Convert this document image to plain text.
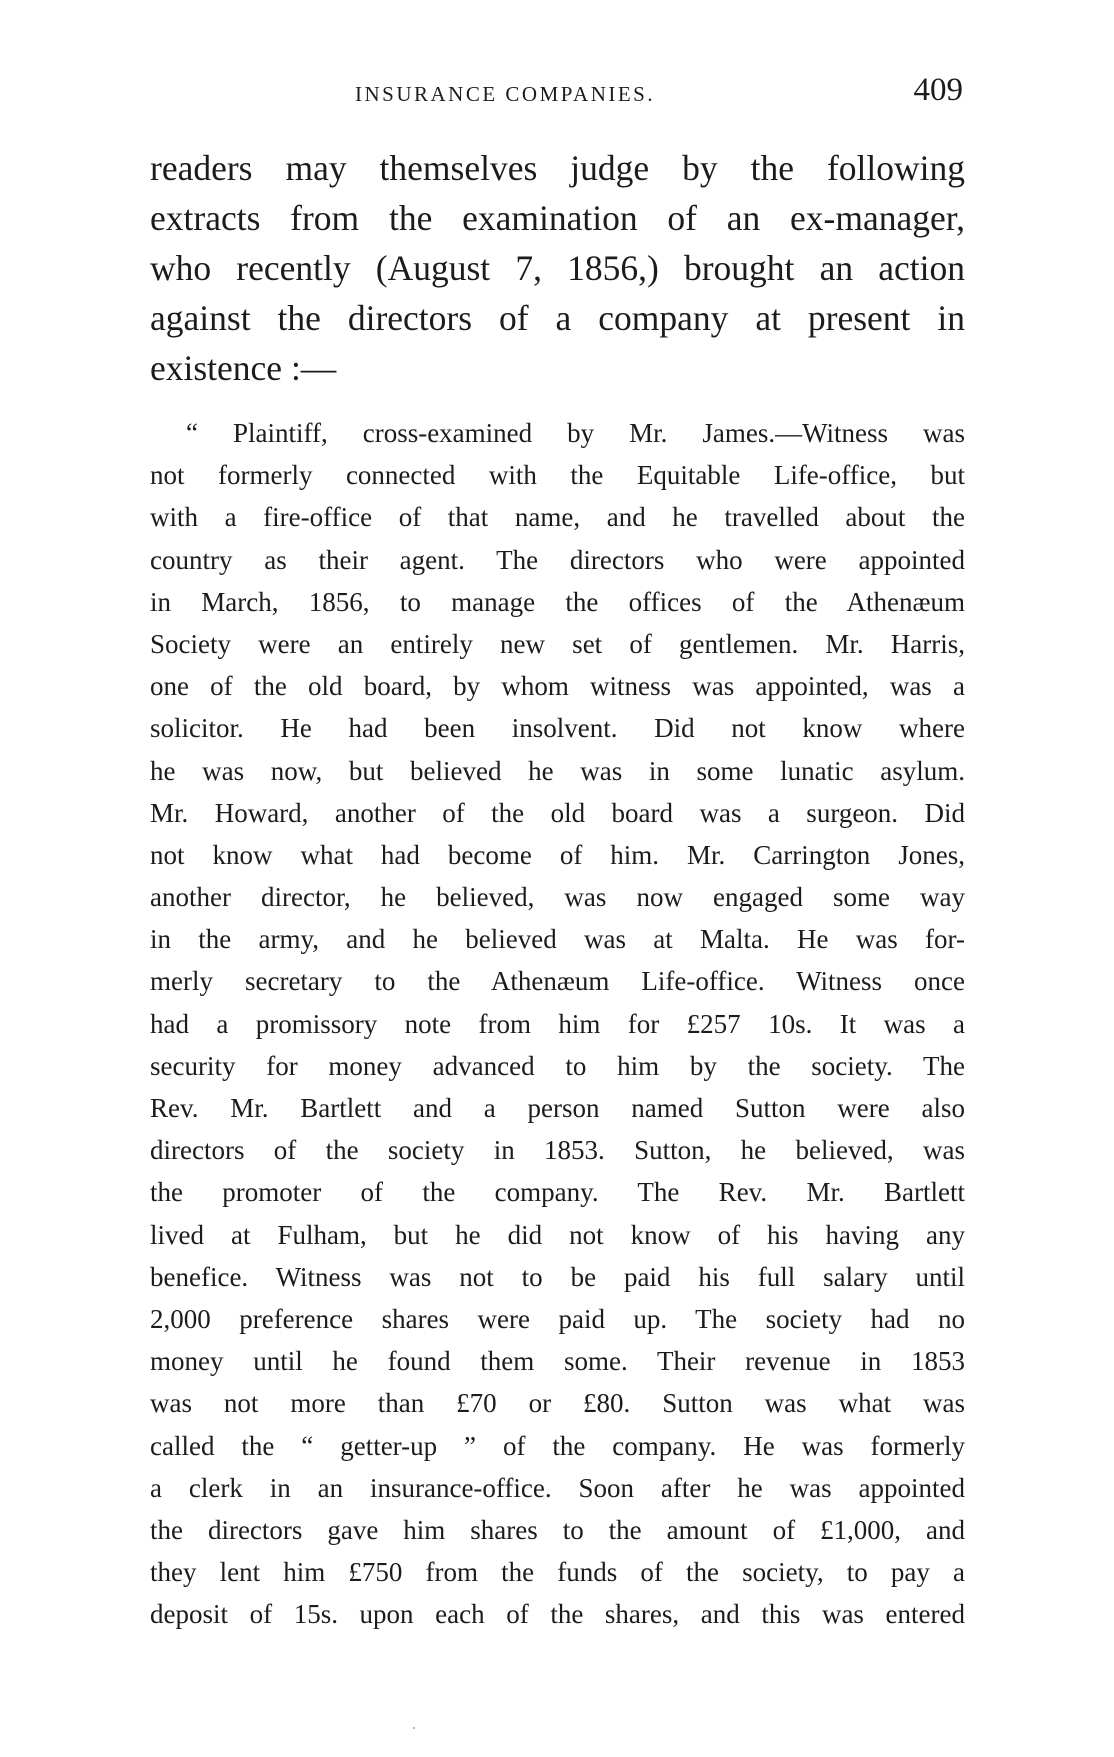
INSURANCE COMPANIES.	409
readers may themselves judge by the following
extracts from the examination of an ex-manager,
who recently (August 7, 1856,) brought an action
against the directors of a company at present in
existence :—
“ Plaintiff, cross-examined by Mr. James.—Witness was
not formerly connected with the Equitable Life-office, but
with a fire-office of that name, and he travelled about the
country as their agent. The directors who were appointed
in March, 1856, to manage the offices of the Athenæum
Society were an entirely new set of gentlemen. Mr. Harris,
one of the old board, by whom witness was appointed, was a
solicitor. He had been insolvent. Did not know where
he was now, but believed he was in some lunatic asylum.
Mr. Howard, another of the old board was a surgeon. Did
not know what had become of him. Mr. Carrington Jones,
another director, he believed, was now engaged some way
in the army, and he believed was at Malta. He was for-
merly secretary to the Athenæum Life-office. Witness once
had a promissory note from him for £257 10s. It was a
security for money advanced to him by the society. The
Rev. Mr. Bartlett and a person named Sutton were also
directors of the society in 1853. Sutton, he believed, was
the promoter of the company. The Rev. Mr. Bartlett
lived at Fulham, but he did not know of his having any
benefice. Witness was not to be paid his full salary until
2,000 preference shares were paid up. The society had no
money until he found them some. Their revenue in 1853
was not more than £70 or £80. Sutton was what was
called the “ getter-up ” of the company. He was formerly
a clerk in an insurance-office. Soon after he was appointed
the directors gave him shares to the amount of £1,000, and
they lent him £750 from the funds of the society, to pay a
deposit of 15s. upon each of the shares, and this was entered
